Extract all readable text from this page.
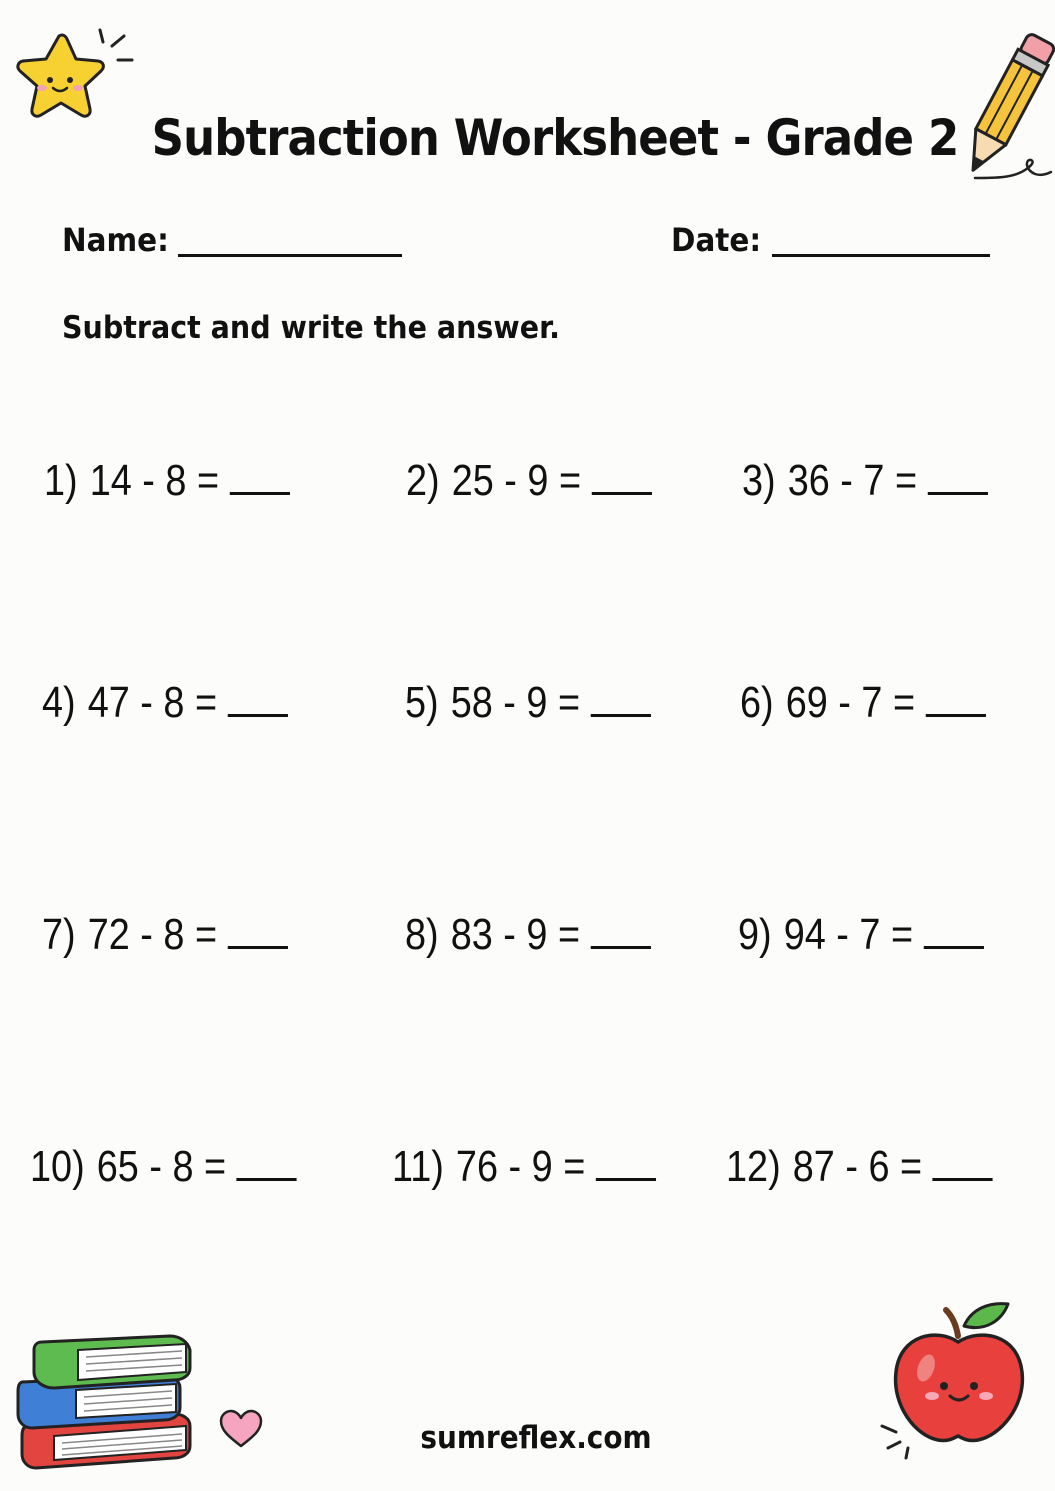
Subtraction Worksheet - Grade 2
Name:	Date:
Subtract and write the answer.
1) 14 - 8 =	2) 25 - 9 =	3) 36 - 7 =
4) 47 - 8 =	5) 58 - 9 =	6) 69 - 7 =
7) 72 - 8 =	8) 83 - 9 =	9) 94 - 7 =
10) 65 - 8 =	11) 76 - 9 =	12) 87 - 6 =
sumreflex.com
